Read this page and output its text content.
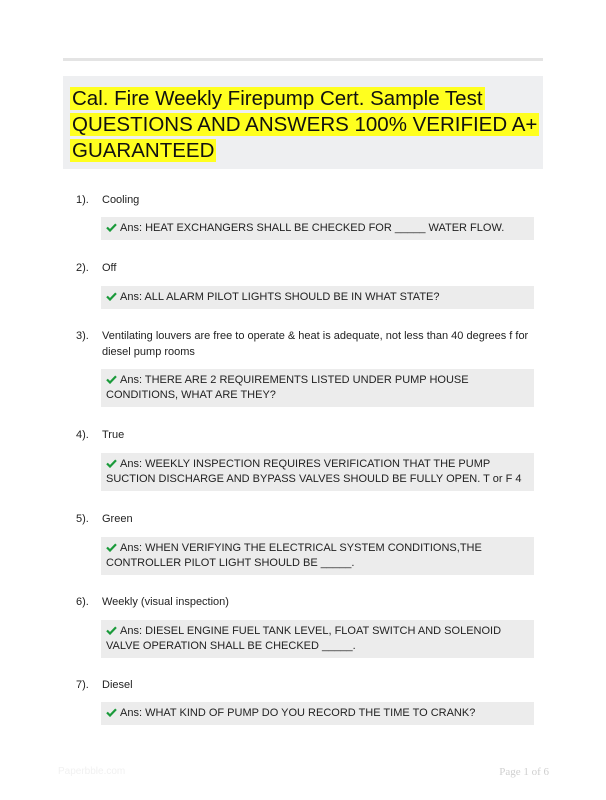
Cal. Fire Weekly Firepump Cert. Sample Test
QUESTIONS AND ANSWERS 100% VERIFIED A+
GUARANTEED
1). Cooling
Ans: HEAT EXCHANGERS SHALL BE CHECKED FOR _____ WATER FLOW.
2). Off
Ans: ALL ALARM PILOT LIGHTS SHOULD BE IN WHAT STATE?
3). Ventilating louvers are free to operate & heat is adequate, not less than 40 degrees f for diesel pump rooms
Ans: THERE ARE 2 REQUIREMENTS LISTED UNDER PUMP HOUSE CONDITIONS, WHAT ARE THEY?
4). True
Ans: WEEKLY INSPECTION REQUIRES VERIFICATION THAT THE PUMP SUCTION DISCHARGE AND BYPASS VALVES SHOULD BE FULLY OPEN. T or F 4
5). Green
Ans: WHEN VERIFYING THE ELECTRICAL SYSTEM CONDITIONS,THE CONTROLLER PILOT LIGHT SHOULD BE _____.
6). Weekly (visual inspection)
Ans: DIESEL ENGINE FUEL TANK LEVEL, FLOAT SWITCH AND SOLENOID VALVE OPERATION SHALL BE CHECKED _____.
7). Diesel
Ans: WHAT KIND OF PUMP DO YOU RECORD THE TIME TO CRANK?
Paperbble.com	Page 1 of 6
